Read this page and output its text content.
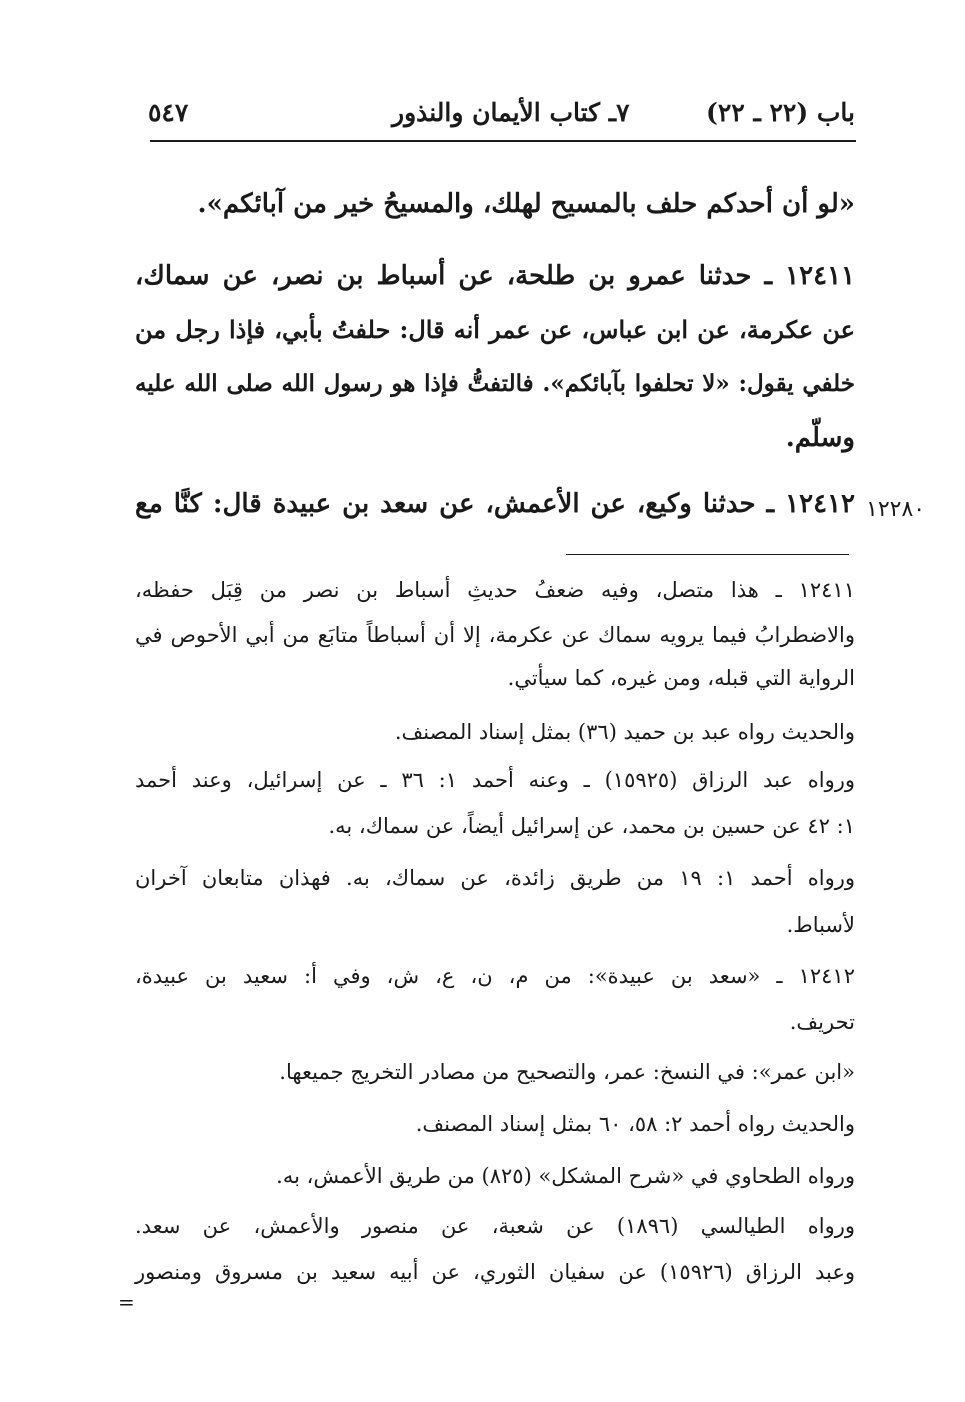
٥٤٧	٧ـ كتاب الأيمان والنذور	باب (٢٢ ـ ٢٢)
«لو أن أحدكم حلف بالمسيح لهلك، والمسيحُ خير من آبائكم».
١٢٤١١ ـ حدثنا عمرو بن طلحة، عن أسباط بن نصر، عن سماك،
عن عكرمة، عن ابن عباس، عن عمر أنه قال: حلفتُ بأبي، فإذا رجل من
خلفي يقول: «لا تحلفوا بآبائكم». فالتفتُّ فإذا هو رسول الله صلى الله عليه
وسلّم.
١٢٤١٢ ـ حدثنا وكيع، عن الأعمش، عن سعد بن عبيدة قال: كنَّا مع ١٢٢٨٠
١٢٤١١ ـ هذا متصل، وفيه ضعفُ حديثِ أسباط بن نصر من قِبَل حفظه،
والاضطرابُ فيما يرويه سماك عن عكرمة، إلا أن أسباطاً متابَع من أبي الأحوص في
الرواية التي قبله، ومن غيره، كما سيأتي.
والحديث رواه عبد بن حميد (٣٦) بمثل إسناد المصنف.
ورواه عبد الرزاق (١٥٩٢٥) ـ وعنه أحمد ١: ٣٦ ـ عن إسرائيل، وعند أحمد
١: ٤٢ عن حسين بن محمد، عن إسرائيل أيضاً، عن سماك، به.
ورواه أحمد ١: ١٩ من طريق زائدة، عن سماك، به. فهذان متابعان آخران
لأسباط.
١٢٤١٢ ـ «سعد بن عبيدة»: من م، ن، ع، ش، وفي أ: سعيد بن عبيدة،
تحريف.
«ابن عمر»: في النسخ: عمر، والتصحيح من مصادر التخريج جميعها.
والحديث رواه أحمد ٢: ٥٨، ٦٠ بمثل إسناد المصنف.
ورواه الطحاوي في «شرح المشكل» (٨٢٥) من طريق الأعمش، به.
ورواه الطيالسي (١٨٩٦) عن شعبة، عن منصور والأعمش، عن سعد.
وعبد الرزاق (١٥٩٢٦) عن سفيان الثوري، عن أبيه سعيد بن مسروق ومنصور
=
